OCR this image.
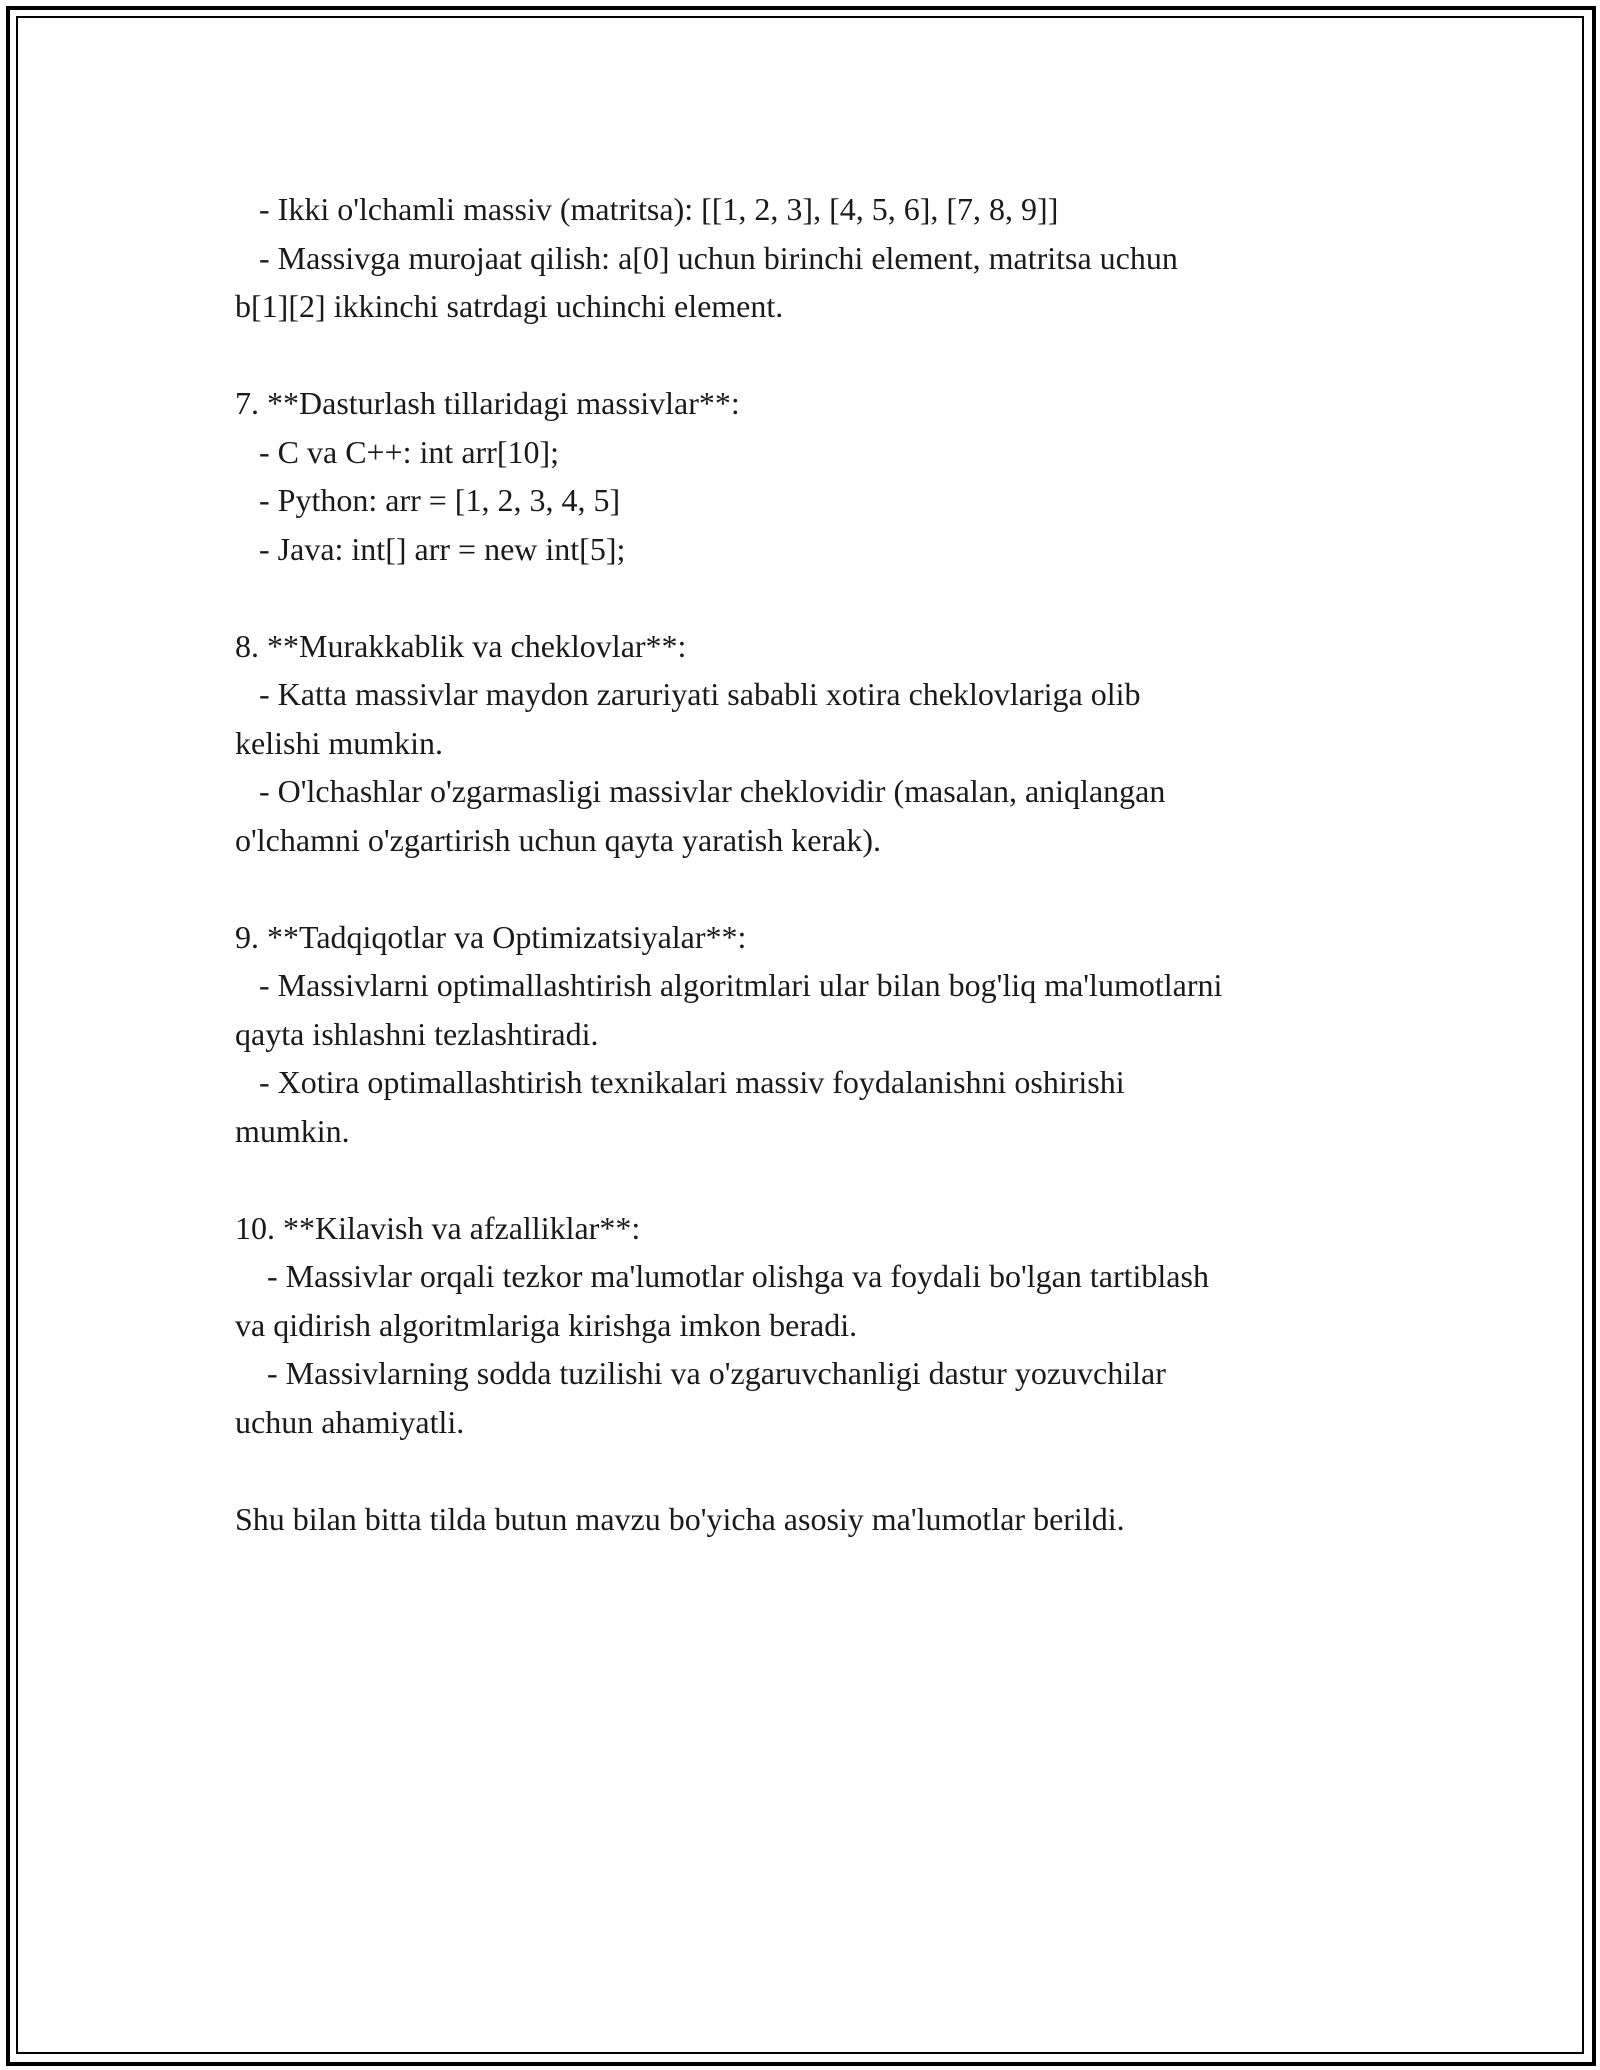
- Ikki o'lchamli massiv (matritsa): [[1, 2, 3], [4, 5, 6], [7, 8, 9]]
- Massivga murojaat qilish: a[0] uchun birinchi element, matritsa uchun
b[1][2] ikkinchi satrdagi uchinchi element.
7. **Dasturlash tillaridagi massivlar**:
- C va C++: int arr[10];
- Python: arr = [1, 2, 3, 4, 5]
- Java: int[] arr = new int[5];
8. **Murakkablik va cheklovlar**:
- Katta massivlar maydon zaruriyati sababli xotira cheklovlariga olib
kelishi mumkin.
- O'lchashlar o'zgarmasligi massivlar cheklovidir (masalan, aniqlangan
o'lchamni o'zgartirish uchun qayta yaratish kerak).
9. **Tadqiqotlar va Optimizatsiyalar**:
- Massivlarni optimallashtirish algoritmlari ular bilan bog'liq ma'lumotlarni
qayta ishlashni tezlashtiradi.
- Xotira optimallashtirish texnikalari massiv foydalanishni oshirishi
mumkin.
10. **Kilavish va afzalliklar**:
- Massivlar orqali tezkor ma'lumotlar olishga va foydali bo'lgan tartiblash
va qidirish algoritmlariga kirishga imkon beradi.
- Massivlarning sodda tuzilishi va o'zgaruvchanligi dastur yozuvchilar
uchun ahamiyatli.
Shu bilan bitta tilda butun mavzu bo'yicha asosiy ma'lumotlar berildi.
